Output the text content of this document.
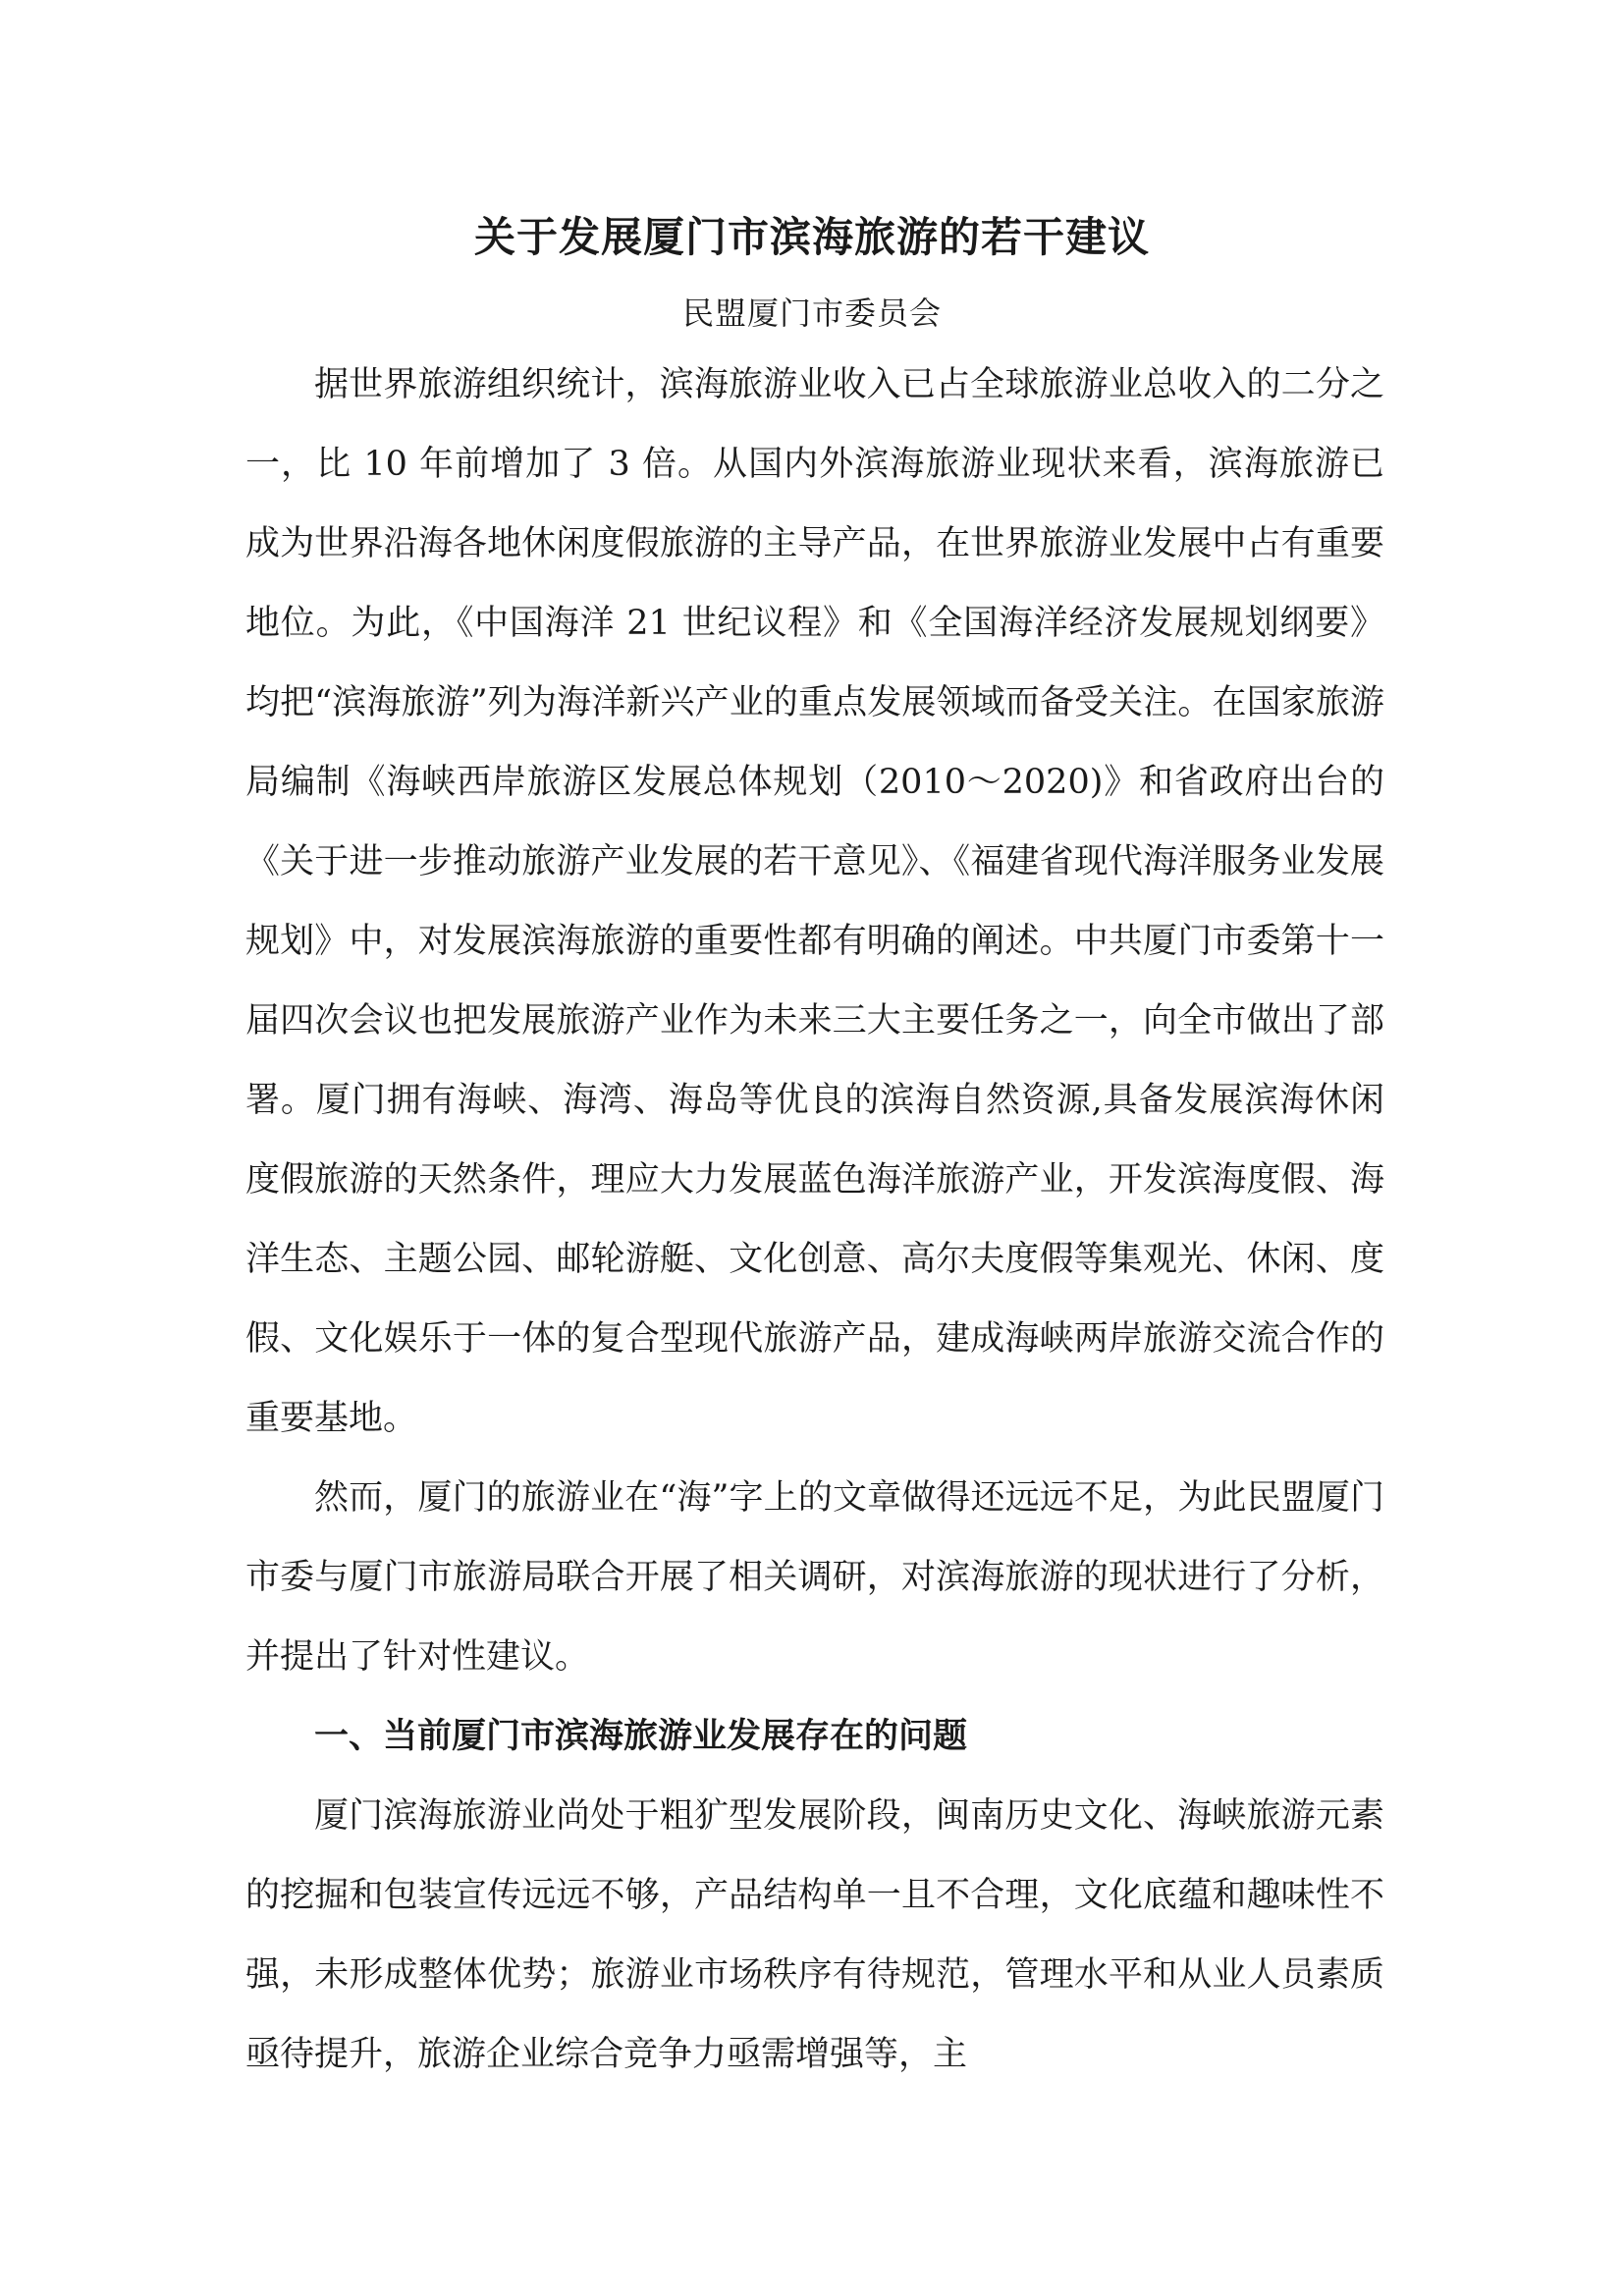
关于发展厦门市滨海旅游的若干建议

民盟厦门市委员会

据世界旅游组织统计，滨海旅游业收入已占全球旅游业总收入的二分之一，比 10 年前增加了 3 倍。从国内外滨海旅游业现状来看，滨海旅游已成为世界沿海各地休闲度假旅游的主导产品，在世界旅游业发展中占有重要地位。为此，《中国海洋 21 世纪议程》和《全国海洋经济发展规划纲要》均把“滨海旅游”列为海洋新兴产业的重点发展领域而备受关注。在国家旅游局编制《海峡西岸旅游区发展总体规划（2010～2020)》和省政府出台的《关于进一步推动旅游产业发展的若干意见》、《福建省现代海洋服务业发展规划》中，对发展滨海旅游的重要性都有明确的阐述。中共厦门市委第十一届四次会议也把发展旅游产业作为未来三大主要任务之一，向全市做出了部署。厦门拥有海峡、海湾、海岛等优良的滨海自然资源,具备发展滨海休闲度假旅游的天然条件，理应大力发展蓝色海洋旅游产业，开发滨海度假、海洋生态、主题公园、邮轮游艇、文化创意、高尔夫度假等集观光、休闲、度假、文化娱乐于一体的复合型现代旅游产品，建成海峡两岸旅游交流合作的重要基地。

然而，厦门的旅游业在“海”字上的文章做得还远远不足，为此民盟厦门市委与厦门市旅游局联合开展了相关调研，对滨海旅游的现状进行了分析，并提出了针对性建议。

一、当前厦门市滨海旅游业发展存在的问题

厦门滨海旅游业尚处于粗犷型发展阶段，闽南历史文化、海峡旅游元素的挖掘和包装宣传远远不够，产品结构单一且不合理，文化底蕴和趣味性不强，未形成整体优势；旅游业市场秩序有待规范，管理水平和从业人员素质亟待提升，旅游企业综合竞争力亟需增强等，主
